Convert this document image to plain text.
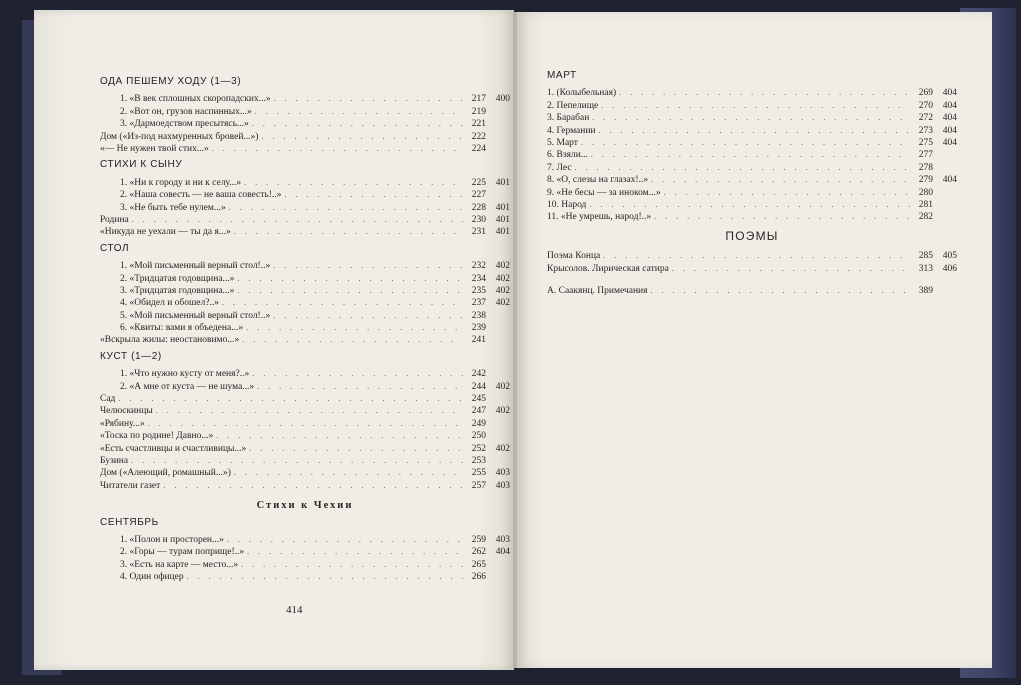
ОДА ПЕШЕМУ ХОДУ (1—3)
1. «В век сплошных скоропадских...» . . .	217	400
2. «Вот он, грузов наспинных...» . . .	219
3. «Дармоедством пресытясь...» . . .	221
Дом («Из-под нахмуренных бровей...») . . .	222
«— Не нужен твой стих...» . . .	224
СТИХИ К СЫНУ
1. «Ни к городу и ни к селу...» . . .	225	401
2. «Наша совесть — не ваша совесть!..» . . .	227
3. «Не быть тебе нулем...» . . .	228	401
Родина . . .	230	401
«Никуда не уехали — ты да я...» . . .	231	401
СТОЛ
1. «Мой письменный верный стол!..» . . .	232	402
2. «Тридцатая годовщина...» . . .	234	402
3. «Тридцатая годовщина...» . . .	235	402
4. «Обидел и обошел?..» . . .	237	402
5. «Мой письменный верный стол!..» . . .	238
6. «Квиты: вами я объедена...» . . .	239
«Вскрыла жилы: неостановимо...» . . .	241
КУСТ (1—2)
1. «Что нужно кусту от меня?..» . . .	242
2. «А мне от куста — не шума...» . . .	244	402
Сад . . .	245
Челюскинцы . . .	247	402
«Рябину...» . . .	249
«Тоска по родине! Давно...» . . .	250
«Есть счастливцы и счастливицы...» . . .	252	402
Бузина . . .	253
Дом («Алеющий, ромашный...») . . .	255	403
Читатели газет . . .	257	403
Стихи к Чехии
СЕНТЯБРЬ
1. «Полон и просторен...» . . .	259	403
2. «Горы — турам поприще!..» . . .	262	404
3. «Есть на карте — место...» . . .	265
4. Один офицер . . .	266
414
МАРТ
1. (Колыбельная) . . .	269	404
2. Пепелище . . .	270	404
3. Барабан . . .	272	404
4. Германии . . .	273	404
5. Март . . .	275	404
6. Взяли... . . .	277
7. Лес . . .	278
8. «О, слезы на глазах!..» . . .	279	404
9. «Не бесы — за иноком...» . . .	280
10. Народ . . .	281
11. «Не умрешь, народ!..» . . .	282
ПОЭМЫ
Поэма Конца . . .	285	405
Крысолов. Лирическая сатира . . .	313	406
А. Саакянц. Примечания . . .	389
